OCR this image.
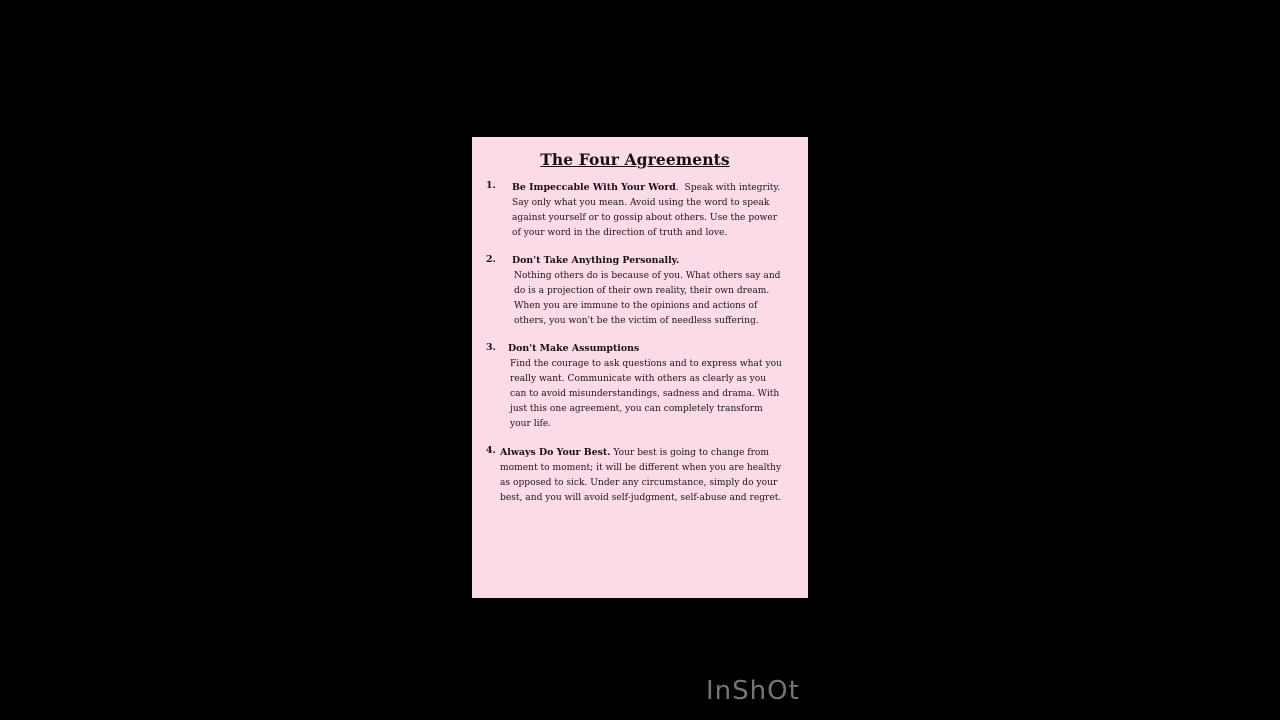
The Four Agreements
1.	Be Impeccable With Your Word. Speak with integrity. Say only what you mean. Avoid using the word to speak against yourself or to gossip about others. Use the power of your word in the direction of truth and love.
2.	Don't Take Anything Personally.
Nothing others do is because of you. What others say and do is a projection of their own reality, their own dream. When you are immune to the opinions and actions of others, you won't be the victim of needless suffering.
3.	Don't Make Assumptions
Find the courage to ask questions and to express what you really want. Communicate with others as clearly as you can to avoid misunderstandings, sadness and drama. With just this one agreement, you can completely transform your life.
4. Always Do Your Best. Your best is going to change from moment to moment; it will be different when you are healthy as opposed to sick. Under any circumstance, simply do your best, and you will avoid self-judgment, self-abuse and regret.
InShOt
